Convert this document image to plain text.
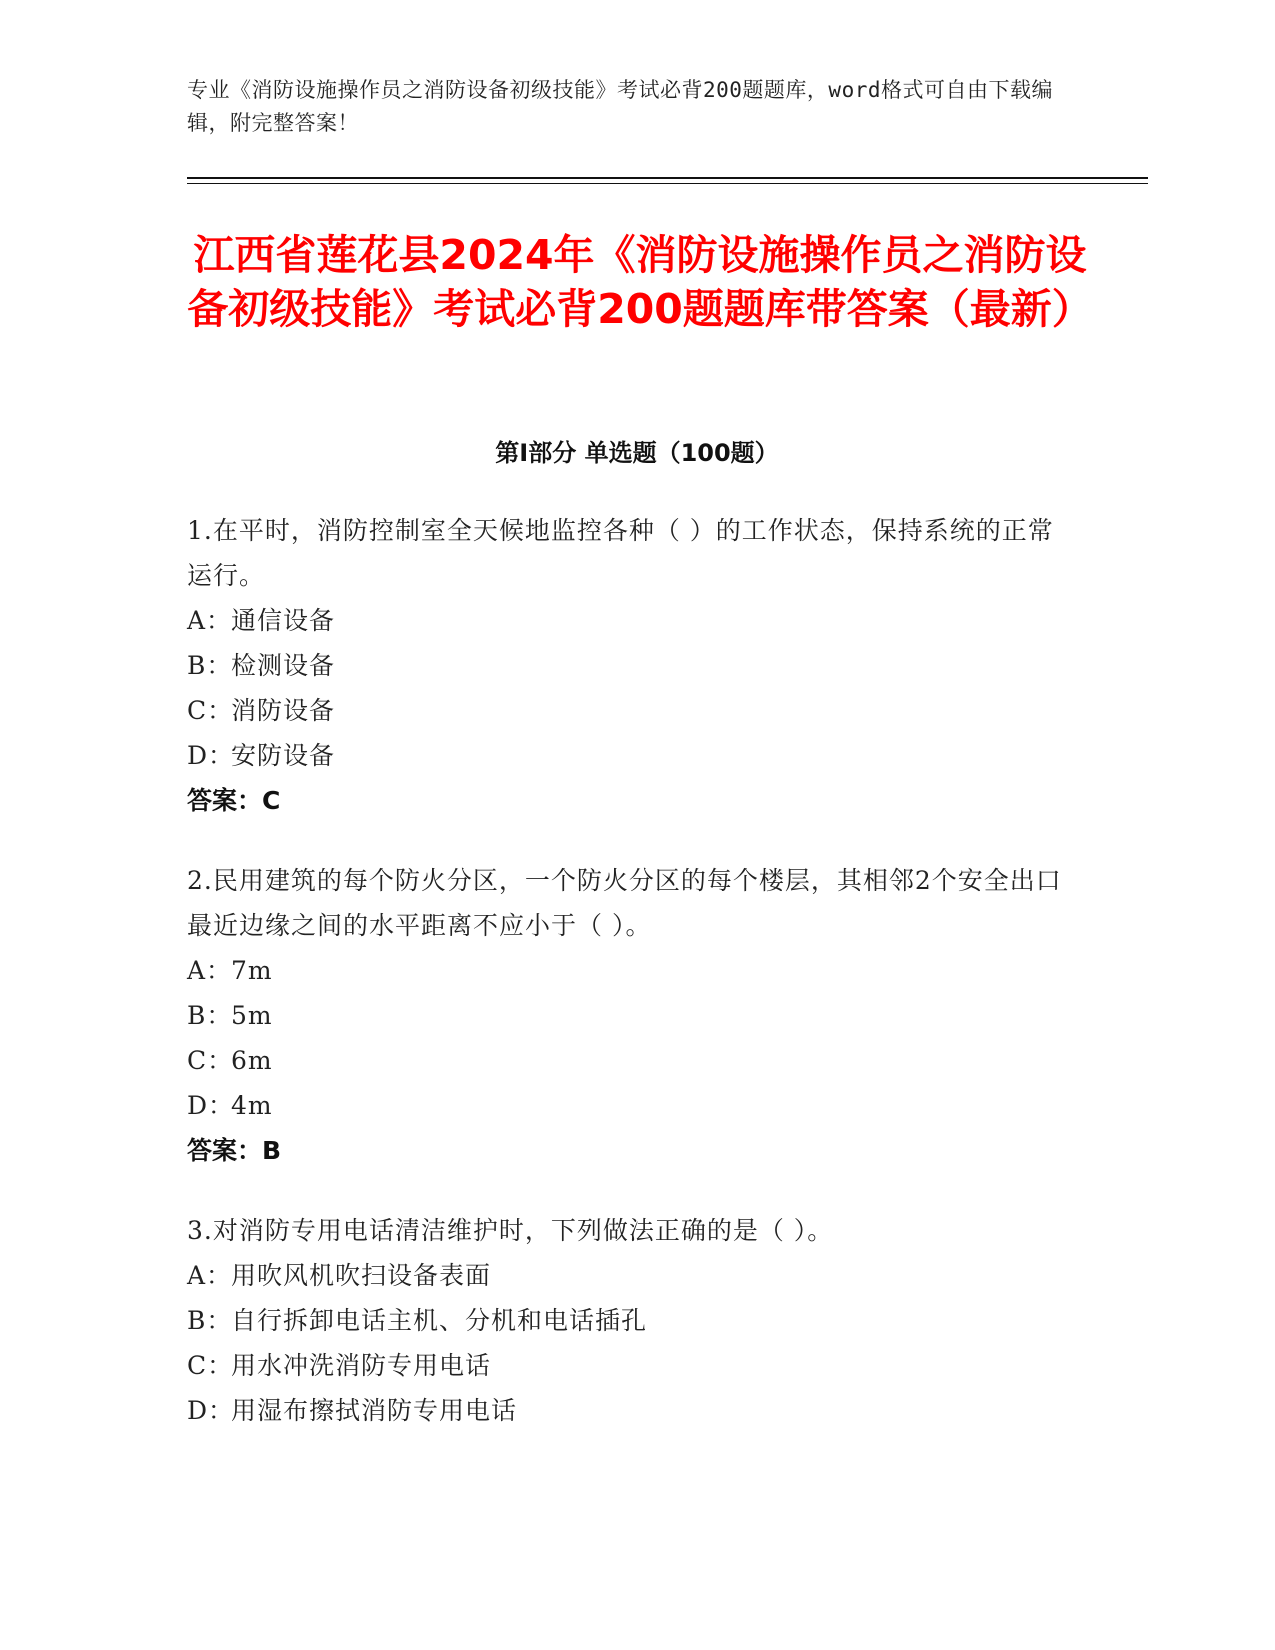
专业《消防设施操作员之消防设备初级技能》考试必背200题题库，word格式可自由下载编辑，附完整答案！
江西省莲花县2024年《消防设施操作员之消防设备初级技能》考试必背200题题库带答案（最新）
第I部分 单选题（100题）
1.在平时，消防控制室全天候地监控各种（ ）的工作状态，保持系统的正常运行。
A：通信设备
B：检测设备
C：消防设备
D：安防设备
答案：C
2.民用建筑的每个防火分区，一个防火分区的每个楼层，其相邻2个安全出口最近边缘之间的水平距离不应小于（ ）。
A：7m
B：5m
C：6m
D：4m
答案：B
3.对消防专用电话清洁维护时，下列做法正确的是（ ）。
A：用吹风机吹扫设备表面
B：自行拆卸电话主机、分机和电话插孔
C：用水冲洗消防专用电话
D：用湿布擦拭消防专用电话
